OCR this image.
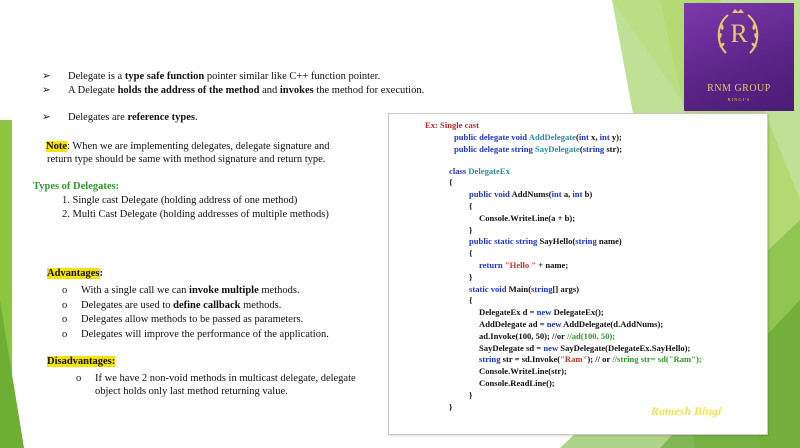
➢	Delegate is a type safe function pointer similar like C++ function pointer.
➢	A Delegate holds the address of the method and invokes the method for execution.
➢	Delegates are reference types.
Note: When we are implementing delegates, delegate signature and
return type should be same with method signature and return type.
Types of Delegates:
1. Single cast Delegate (holding address of one method)
2. Multi Cast Delegate (holding addresses of multiple methods)
Advantages:
o With a single call we can invoke multiple methods.
o Delegates are used to define callback methods.
o Delegates allow methods to be passed as parameters.
o Delegates will improve the performance of the application.
Disadvantages:
o If we have 2 non-void methods in multicast delegate, delegate
object holds only last method returning value.
Ex: Single cast
public delegate void AddDelegate(int x, int y);
public delegate string SayDelegate(string str);
class DelegateEx
{
public void AddNums(int a, int b)
{
Console.WriteLine(a + b);
}
public static string SayHello(string name)
{
return "Hello " + name;
}
static void Main(string[] args)
{
DelegateEx d = new DelegateEx();
AddDelegate ad = new AddDelegate(d.AddNums);
ad.Invoke(100, 50); //or //ad(100, 50);
SayDelegate sd = new SayDelegate(DelegateEx.SayHello);
string str = sd.Invoke("Ram"); // or //string str= sd("Ram");
Console.WriteLine(str);
Console.ReadLine();
}
}
R
RNM GROUP
BINGI'S
Ramesh Bingi
